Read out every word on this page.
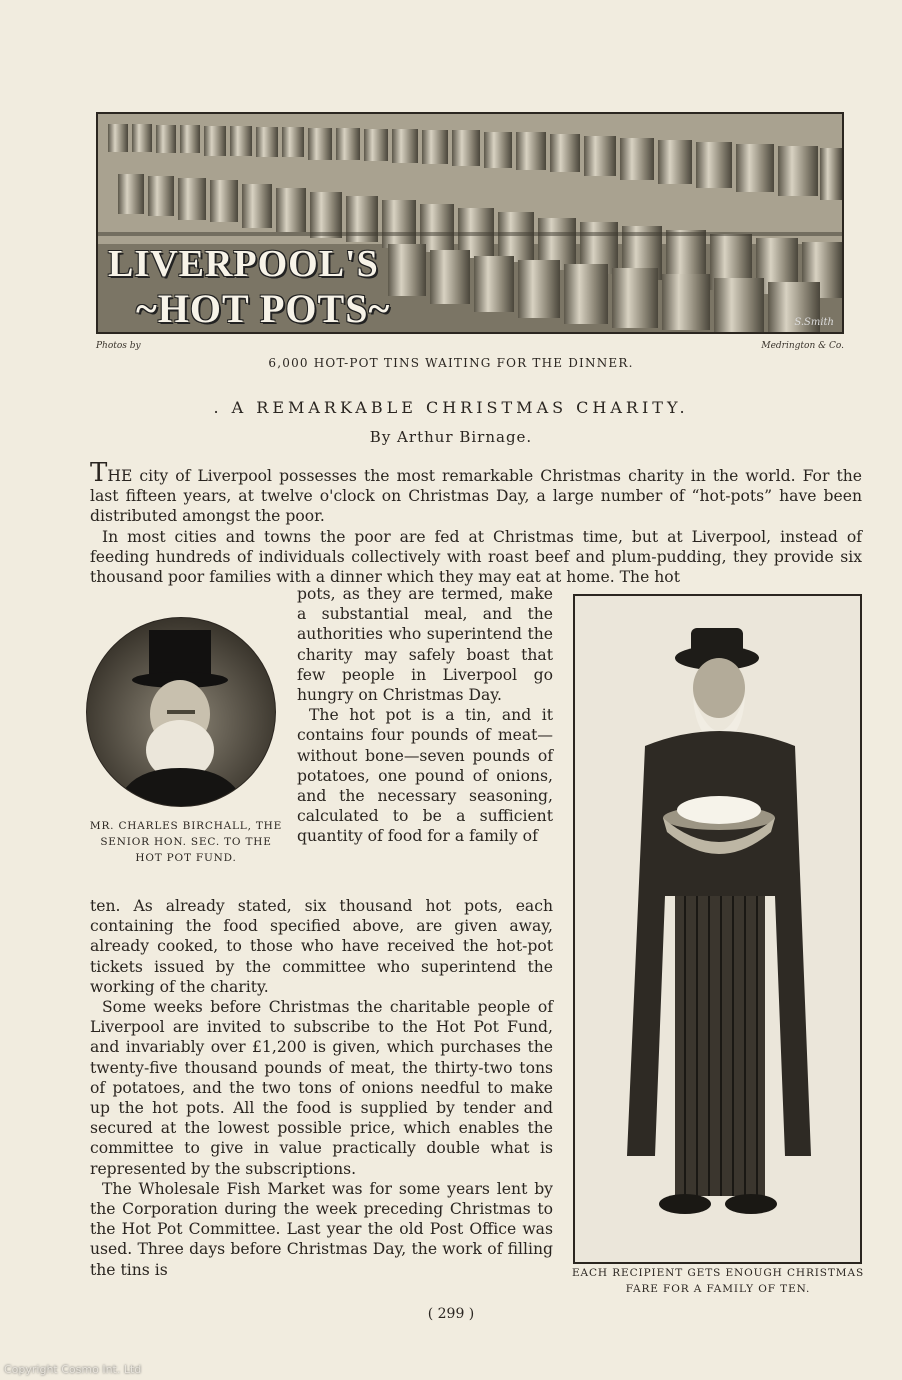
LIVERPOOL'S
~HOT POTS~	S.Smith
Photos by	Medrington & Co.
6,000 HOT-POT TINS WAITING FOR THE DINNER.
. A REMARKABLE CHRISTMAS CHARITY.
By Arthur Birnage.

THE city of Liverpool possesses the most remarkable Christmas charity in the world. For the last fifteen years, at twelve o'clock on Christmas Day, a large number of “hot-pots” have been distributed amongst the poor.

In most cities and towns the poor are fed at Christmas time, but at Liverpool, instead of feeding hundreds of individuals collectively with roast beef and plum-pudding, they provide six thousand poor families with a dinner which they may eat at home. The hot

pots, as they are termed, make a substantial meal, and the authorities who superintend the charity may safely boast that few people in Liverpool go hungry on Christmas Day.

The hot pot is a tin, and it contains four pounds of meat—without bone—seven pounds of potatoes, one pound of onions, and the necessary seasoning, calculated to be a sufficient quantity of food for a family of

MR. CHARLES BIRCHALL, THE SENIOR HON. SEC. TO THE HOT POT FUND.

ten. As already stated, six thousand hot pots, each containing the food specified above, are given away, already cooked, to those who have received the hot-pot tickets issued by the committee who superintend the working of the charity.

Some weeks before Christmas the charitable people of Liverpool are invited to subscribe to the Hot Pot Fund, and invariably over £1,200 is given, which purchases the twenty-five thousand pounds of meat, the thirty-two tons of potatoes, and the two tons of onions needful to make up the hot pots. All the food is supplied by tender and secured at the lowest possible price, which enables the committee to give in value practically double what is represented by the subscriptions.

The Wholesale Fish Market was for some years lent by the Corporation during the week preceding Christmas to the Hot Pot Committee. Last year the old Post Office was used. Three days before Christmas Day, the work of filling the tins is	EACH RECIPIENT GETS ENOUGH CHRISTMAS FARE FOR A FAMILY OF TEN.
( 299 )
Copyright Cosmo Int. Ltd
